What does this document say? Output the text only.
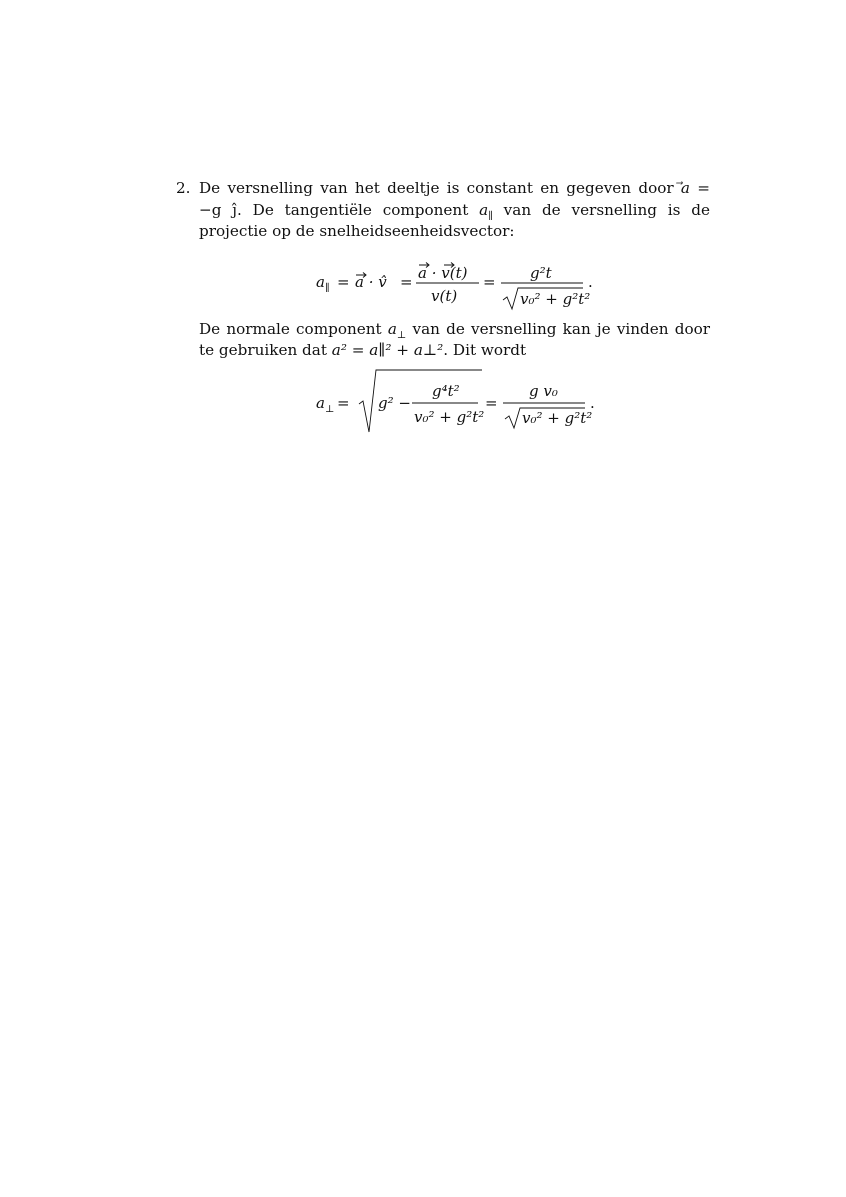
2. De versnelling van het deeltje is constant en gegeven door a = −g ĵ. De tangentiële component $a_\parallel$ van de versnelling is de projectie op de snelheidseenheidsvector:
a ∥ = a · v̂ = a · v(t)
v(t)
= g²t
v₀² + g²t²
.
De normale component $a_\perp$ van de versnelling kan je vinden door te gebruiken dat a² = a∥² + a⊥². Dit wordt
a ⊥ = g² −
g⁴t²
v₀² + g²t²
=
g v₀
v₀² + g²t²
.
